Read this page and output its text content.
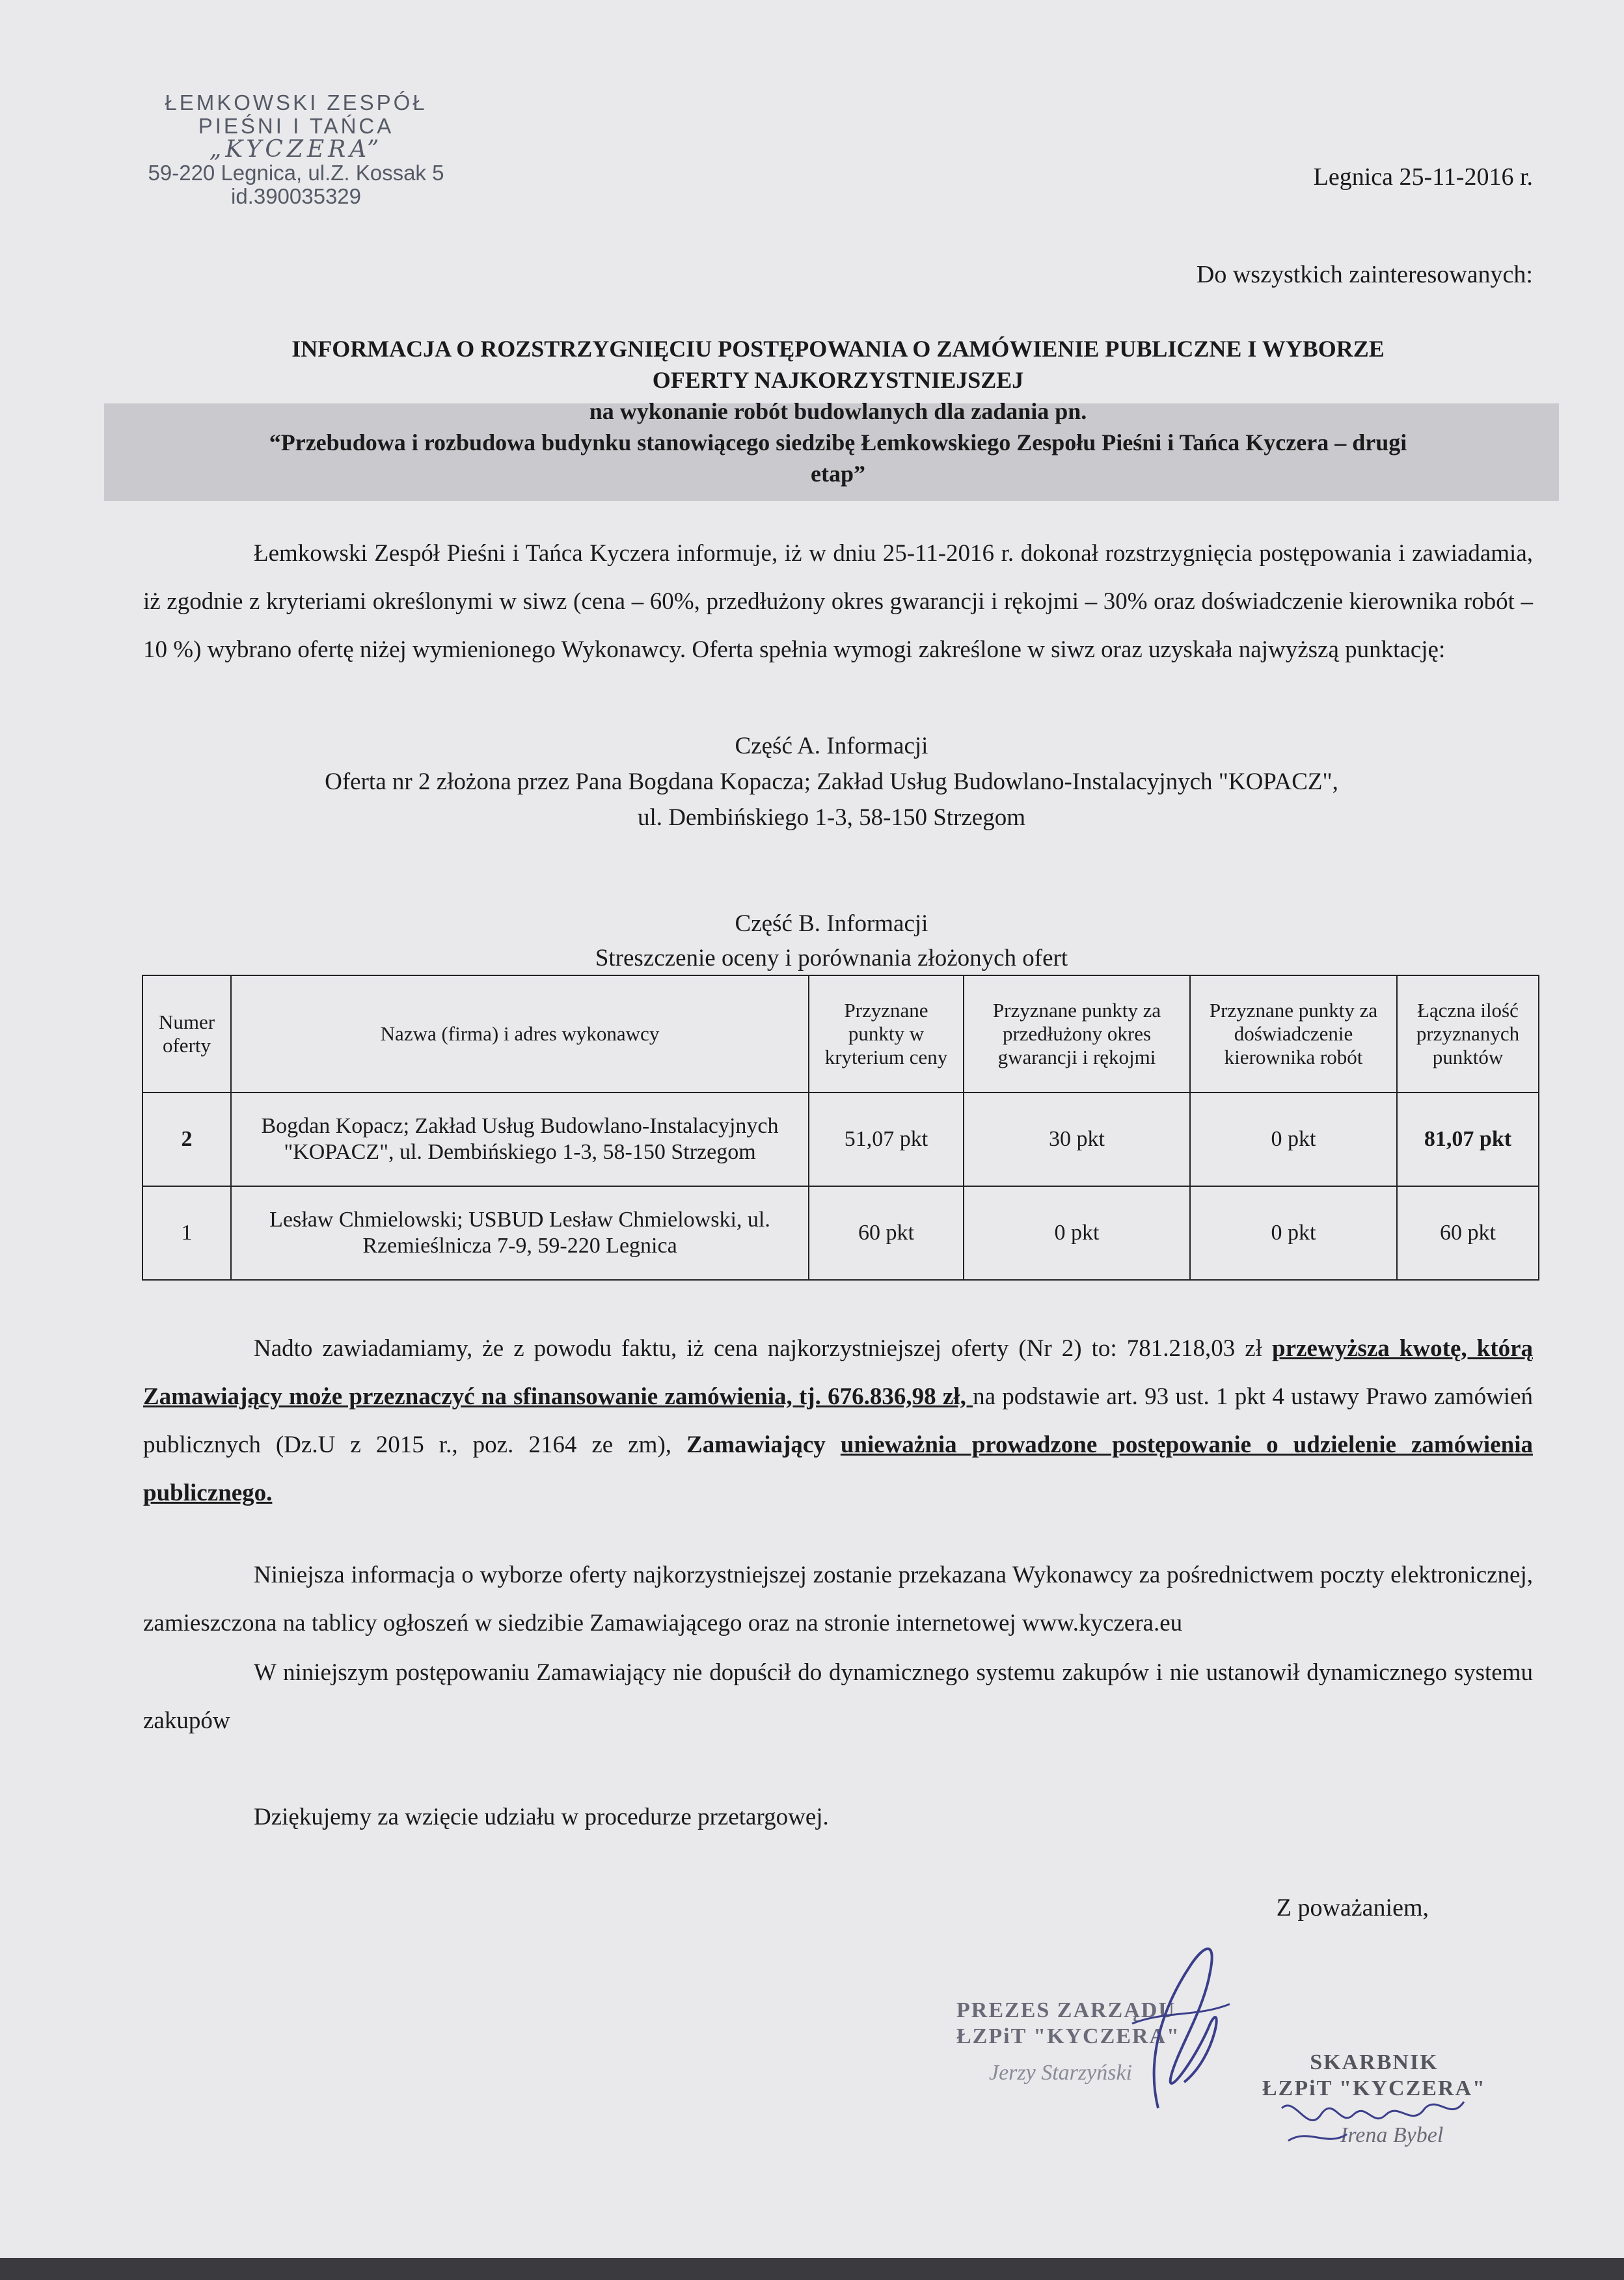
ŁEMKOWSKI ZESPÓŁ
PIEŚNI I TAŃCA
„KYCZERA”
59-220 Legnica, ul.Z. Kossak 5
id.390035329
Legnica 25-11-2016 r.
Do wszystkich zainteresowanych:
INFORMACJA O ROZSTRZYGNIĘCIU POSTĘPOWANIA O ZAMÓWIENIE PUBLICZNE I WYBORZE
OFERTY NAJKORZYSTNIEJSZEJ
na wykonanie robót budowlanych dla zadania pn.
“Przebudowa i rozbudowa budynku stanowiącego siedzibę Łemkowskiego Zespołu Pieśni i Tańca Kyczera – drugi
etap”
Łemkowski Zespół Pieśni i Tańca Kyczera informuje, iż w dniu 25-11-2016 r. dokonał rozstrzygnięcia postępowania i zawiadamia, iż zgodnie z kryteriami określonymi w siwz (cena – 60%, przedłużony okres gwarancji i rękojmi – 30% oraz doświadczenie kierownika robót – 10 %) wybrano ofertę niżej wymienionego Wykonawcy. Oferta spełnia wymogi zakreślone w siwz oraz uzyskała najwyższą punktację:
Część A. Informacji
Oferta nr 2 złożona przez Pana Bogdana Kopacza; Zakład Usług Budowlano-Instalacyjnych "KOPACZ",
ul. Dembińskiego 1-3, 58-150 Strzegom
Część B. Informacji
Streszczenie oceny i porównania złożonych ofert
Numer oferty	Nazwa (firma) i adres wykonawcy	Przyznane punkty w kryterium ceny	Przyznane punkty za przedłużony okres gwarancji i rękojmi	Przyznane punkty za doświadczenie kierownika robót	Łączna ilość przyznanych punktów
2	Bogdan Kopacz; Zakład Usług Budowlano-Instalacyjnych "KOPACZ", ul. Dembińskiego 1-3, 58-150 Strzegom	51,07 pkt	30 pkt	0 pkt	81,07 pkt
1	Lesław Chmielowski; USBUD Lesław Chmielowski, ul. Rzemieślnicza 7-9, 59-220 Legnica	60 pkt	0 pkt	0 pkt	60 pkt
Nadto zawiadamiamy, że z powodu faktu, iż cena najkorzystniejszej oferty (Nr 2) to: 781.218,03 zł przewyższa kwotę, którą Zamawiający może przeznaczyć na sfinansowanie zamówienia, tj. 676.836,98 zł, na podstawie art. 93 ust. 1 pkt 4 ustawy Prawo zamówień publicznych (Dz.U z 2015 r., poz. 2164 ze zm), Zamawiający unieważnia prowadzone postępowanie o udzielenie zamówienia publicznego.
Niniejsza informacja o wyborze oferty najkorzystniejszej zostanie przekazana Wykonawcy za pośrednictwem poczty elektronicznej, zamieszczona na tablicy ogłoszeń w siedzibie Zamawiającego oraz na stronie internetowej www.kyczera.eu
W niniejszym postępowaniu Zamawiający nie dopuścił do dynamicznego systemu zakupów i nie ustanowił dynamicznego systemu zakupów
Dziękujemy za wzięcie udziału w procedurze przetargowej.
Z poważaniem,
PREZES ZARZĄDU
ŁZPiT "KYCZERA"
Jerzy Starzyński	SKARBNIK
ŁZPiT "KYCZERA"
Irena Bybel
